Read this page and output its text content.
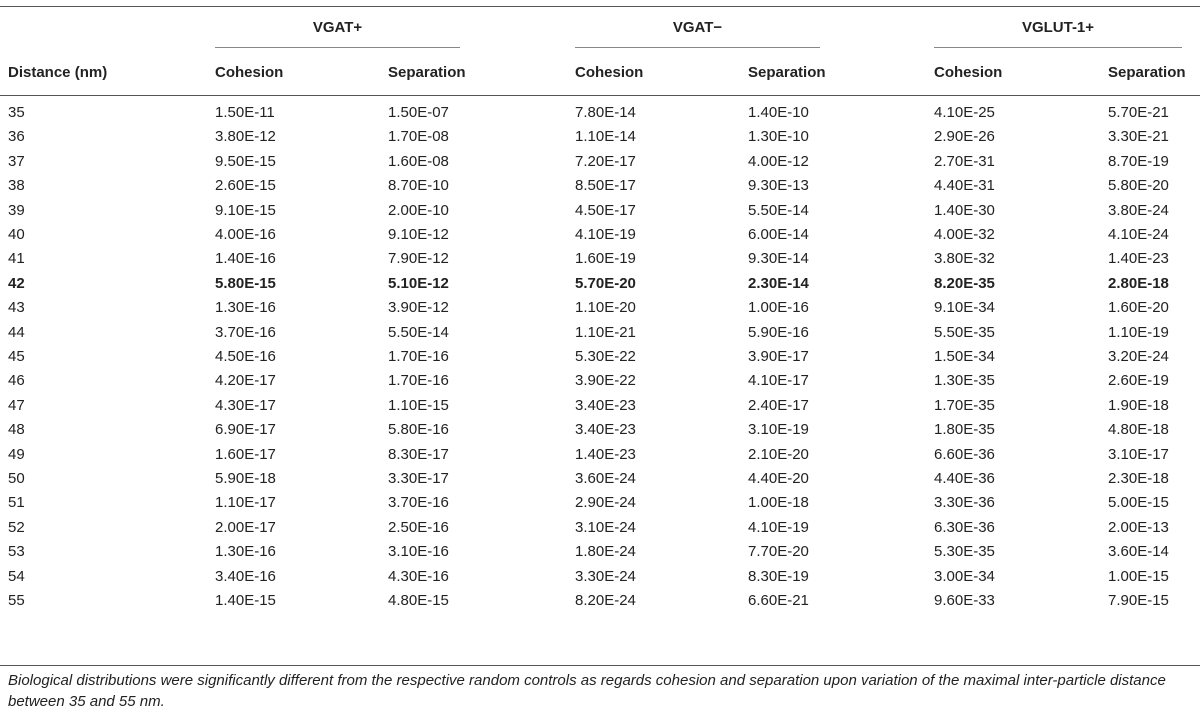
VGAT+	VGAT−	VGLUT-1+
Distance (nm)	Cohesion	Separation	Cohesion	Separation	Cohesion	Separation
35	1.50E-11	1.50E-07	7.80E-14	1.40E-10	4.10E-25	5.70E-21
36	3.80E-12	1.70E-08	1.10E-14	1.30E-10	2.90E-26	3.30E-21
37	9.50E-15	1.60E-08	7.20E-17	4.00E-12	2.70E-31	8.70E-19
38	2.60E-15	8.70E-10	8.50E-17	9.30E-13	4.40E-31	5.80E-20
39	9.10E-15	2.00E-10	4.50E-17	5.50E-14	1.40E-30	3.80E-24
40	4.00E-16	9.10E-12	4.10E-19	6.00E-14	4.00E-32	4.10E-24
41	1.40E-16	7.90E-12	1.60E-19	9.30E-14	3.80E-32	1.40E-23
42	5.80E-15	5.10E-12	5.70E-20	2.30E-14	8.20E-35	2.80E-18
43	1.30E-16	3.90E-12	1.10E-20	1.00E-16	9.10E-34	1.60E-20
44	3.70E-16	5.50E-14	1.10E-21	5.90E-16	5.50E-35	1.10E-19
45	4.50E-16	1.70E-16	5.30E-22	3.90E-17	1.50E-34	3.20E-24
46	4.20E-17	1.70E-16	3.90E-22	4.10E-17	1.30E-35	2.60E-19
47	4.30E-17	1.10E-15	3.40E-23	2.40E-17	1.70E-35	1.90E-18
48	6.90E-17	5.80E-16	3.40E-23	3.10E-19	1.80E-35	4.80E-18
49	1.60E-17	8.30E-17	1.40E-23	2.10E-20	6.60E-36	3.10E-17
50	5.90E-18	3.30E-17	3.60E-24	4.40E-20	4.40E-36	2.30E-18
51	1.10E-17	3.70E-16	2.90E-24	1.00E-18	3.30E-36	5.00E-15
52	2.00E-17	2.50E-16	3.10E-24	4.10E-19	6.30E-36	2.00E-13
53	1.30E-16	3.10E-16	1.80E-24	7.70E-20	5.30E-35	3.60E-14
54	3.40E-16	4.30E-16	3.30E-24	8.30E-19	3.00E-34	1.00E-15
55	1.40E-15	4.80E-15	8.20E-24	6.60E-21	9.60E-33	7.90E-15
Biological distributions were significantly different from the respective random controls as regards cohesion and separation upon variation of the maximal inter-particle distance between 35 and 55 nm.
